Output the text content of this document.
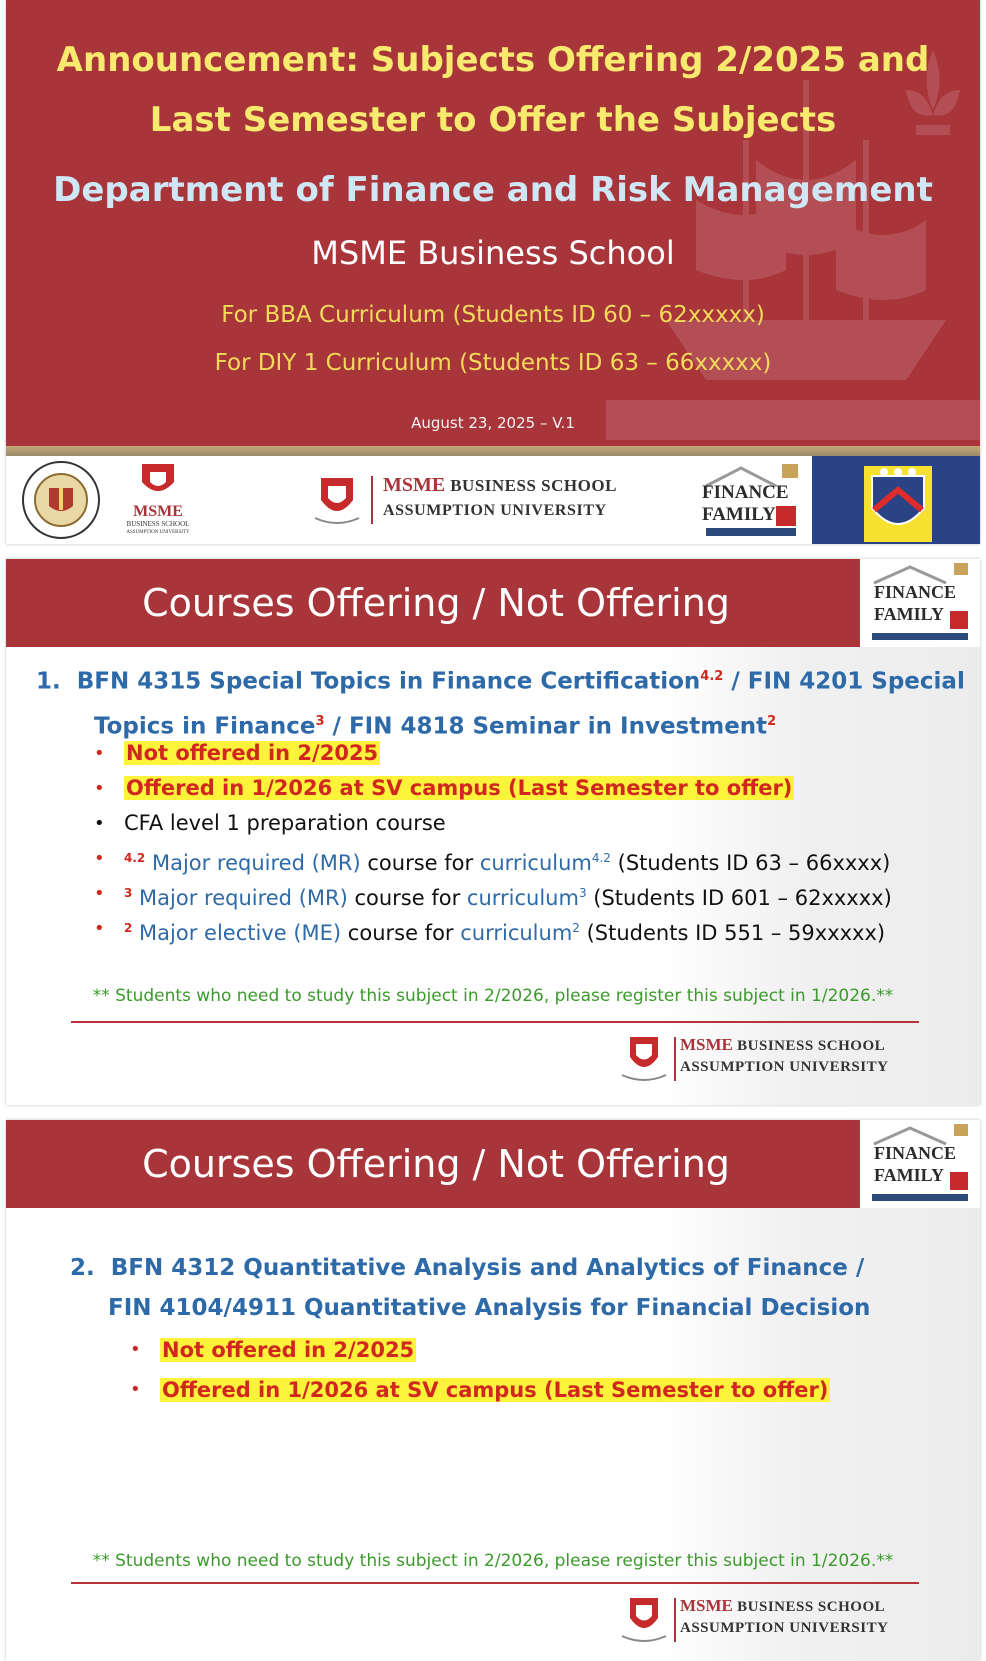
Announcement: Subjects Offering 2/2025 and
Last Semester to Offer the Subjects
Department of Finance and Risk Management
MSME Business School
For BBA Curriculum (Students ID 60 – 62xxxxx)
For DIY 1 Curriculum (Students ID 63 – 66xxxxx)
August 23, 2025 – V.1
MSME
BUSINESS SCHOOL
ASSUMPTION UNIVERSITY
MSME BUSINESS SCHOOL
ASSUMPTION UNIVERSITY
FINANCE
FAMILY
Courses Offering / Not Offering	FINANCE
FAMILY
1. BFN 4315 Special Topics in Finance Certification$^{4.2}$ / FIN 4201 Special
Topics in Finance$^3$ / FIN 4818 Seminar in Investment$^2$
• Not offered in 2/2025
• Offered in 1/2026 at SV campus (Last Semester to offer)
• CFA level 1 preparation course
• $^{4.2}$ Major required (MR) course for curriculum$^{4.2}$ (Students ID 63 – 66xxxx)
• $^3$ Major required (MR) course for curriculum$^3$ (Students ID 601 – 62xxxxx)
• $^2$ Major elective (ME) course for curriculum$^2$ (Students ID 551 – 59xxxxx)
** Students who need to study this subject in 2/2026, please register this subject in 1/2026.**
MSME BUSINESS SCHOOL
ASSUMPTION UNIVERSITY
Courses Offering / Not Offering	FINANCE
FAMILY
2. BFN 4312 Quantitative Analysis and Analytics of Finance /
FIN 4104/4911 Quantitative Analysis for Financial Decision
• Not offered in 2/2025
• Offered in 1/2026 at SV campus (Last Semester to offer)
** Students who need to study this subject in 2/2026, please register this subject in 1/2026.**
MSME BUSINESS SCHOOL
ASSUMPTION UNIVERSITY
